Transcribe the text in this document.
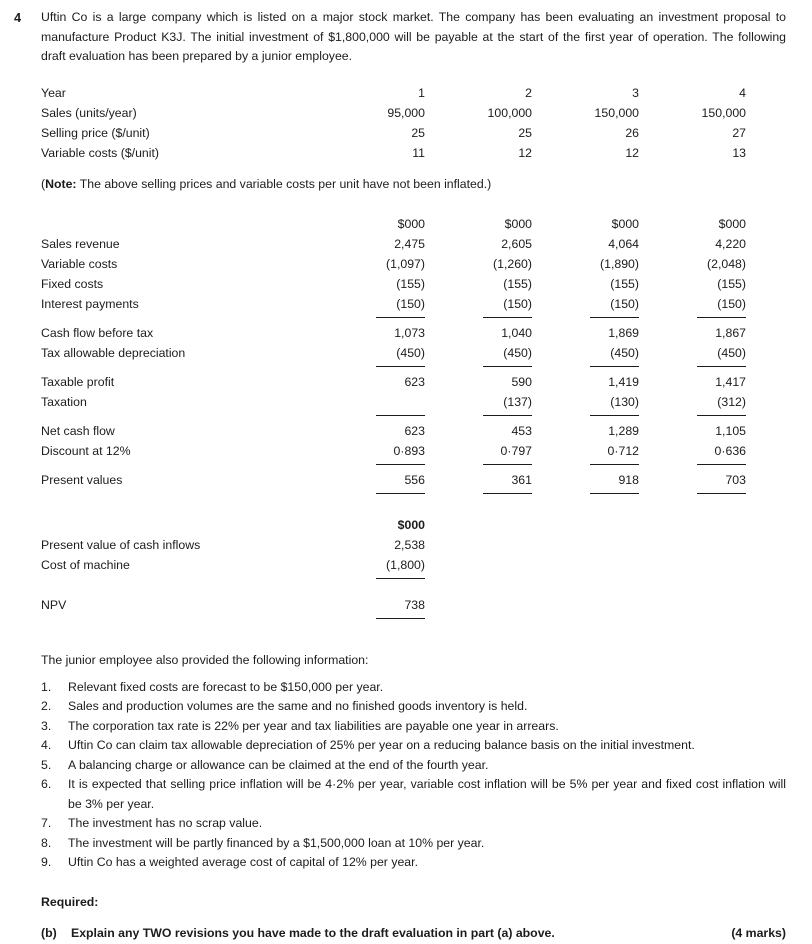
4	Uftin Co is a large company which is listed on a major stock market. The company has been evaluating an investment proposal to manufacture Product K3J. The initial investment of $1,800,000 will be payable at the start of the first year of operation. The following draft evaluation has been prepared by a junior employee.

Year	1	2	3	4
Sales (units/year)	95,000	100,000	150,000	150,000
Selling price ($/unit)	25	25	26	27
Variable costs ($/unit)	11	12	12	13
(Note: The above selling prices and variable costs per unit have not been inflated.)
	$000	$000	$000	$000
Sales revenue	2,475	2,605	4,064	4,220
Variable costs	(1,097)	(1,260)	(1,890)	(2,048)
Fixed costs	(155)	(155)	(155)	(155)
Interest payments	(150)	(150)	(150)	(150)

Cash flow before tax	1,073	1,040	1,869	1,867
Tax allowable depreciation	(450)	(450)	(450)	(450)

Taxable profit	623	590	1,419	1,417
Taxation		(137)	(130)	(312)

Net cash flow	623	453	1,289	1,105
Discount at 12%	0·893	0·797	0·712	0·636

Present values	556	361	918	703

	$000
Present value of cash inflows	2,538
Cost of machine	(1,800)

NPV	738

The junior employee also provided the following information:
1.	Relevant fixed costs are forecast to be $150,000 per year.
2.	Sales and production volumes are the same and no finished goods inventory is held.
3.	The corporation tax rate is 22% per year and tax liabilities are payable one year in arrears.
4.	Uftin Co can claim tax allowable depreciation of 25% per year on a reducing balance basis on the initial investment.
5.	A balancing charge or allowance can be claimed at the end of the fourth year.
6.	It is expected that selling price inflation will be 4·2% per year, variable cost inflation will be 5% per year and fixed cost inflation will be 3% per year.
7.	The investment has no scrap value.
8.	The investment will be partly financed by a $1,500,000 loan at 10% per year.
9.	Uftin Co has a weighted average cost of capital of 12% per year.
Required:
(b)	Explain any TWO revisions you have made to the draft evaluation in part (a) above.	(4 marks)
